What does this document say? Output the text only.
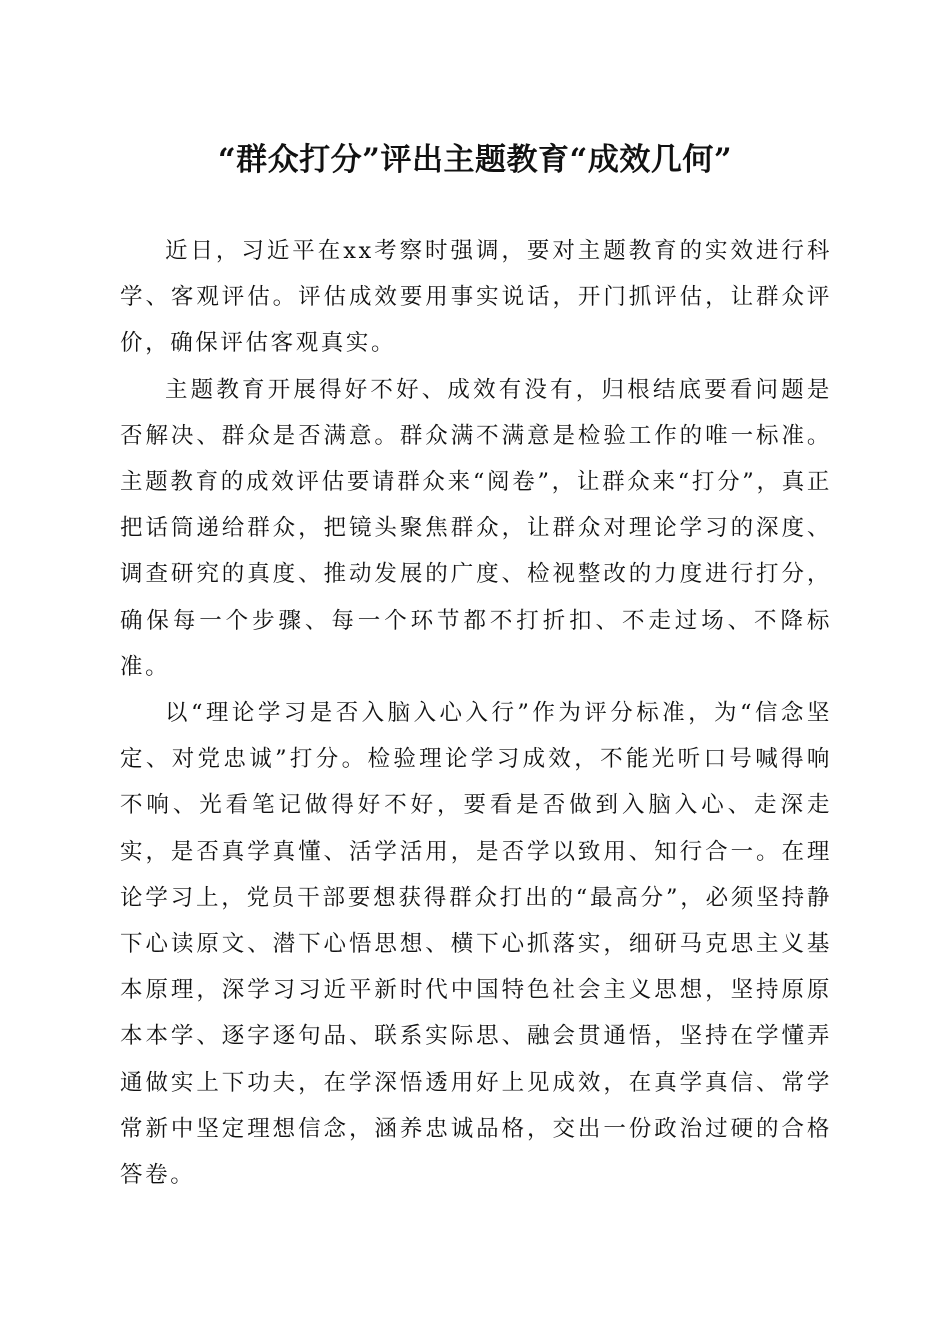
“群众打分”评出主题教育“成效几何”

近日，习近平在xx考察时强调，要对主题教育的实效进行科学、客观评估。评估成效要用事实说话，开门抓评估，让群众评价，确保评估客观真实。

主题教育开展得好不好、成效有没有，归根结底要看问题是否解决、群众是否满意。群众满不满意是检验工作的唯一标准。主题教育的成效评估要请群众来“阅卷”，让群众来“打分”，真正把话筒递给群众，把镜头聚焦群众，让群众对理论学习的深度、调查研究的真度、推动发展的广度、检视整改的力度进行打分，确保每一个步骤、每一个环节都不打折扣、不走过场、不降标准。

以“理论学习是否入脑入心入行”作为评分标准，为“信念坚定、对党忠诚”打分。检验理论学习成效，不能光听口号喊得响不响、光看笔记做得好不好，要看是否做到入脑入心、走深走实，是否真学真懂、活学活用，是否学以致用、知行合一。在理论学习上，党员干部要想获得群众打出的“最高分”，必须坚持静下心读原文、潜下心悟思想、横下心抓落实，细研马克思主义基本原理，深学习习近平新时代中国特色社会主义思想，坚持原原本本学、逐字逐句品、联系实际思、融会贯通悟，坚持在学懂弄通做实上下功夫，在学深悟透用好上见成效，在真学真信、常学常新中坚定理想信念，涵养忠诚品格，交出一份政治过硬的合格答卷。
